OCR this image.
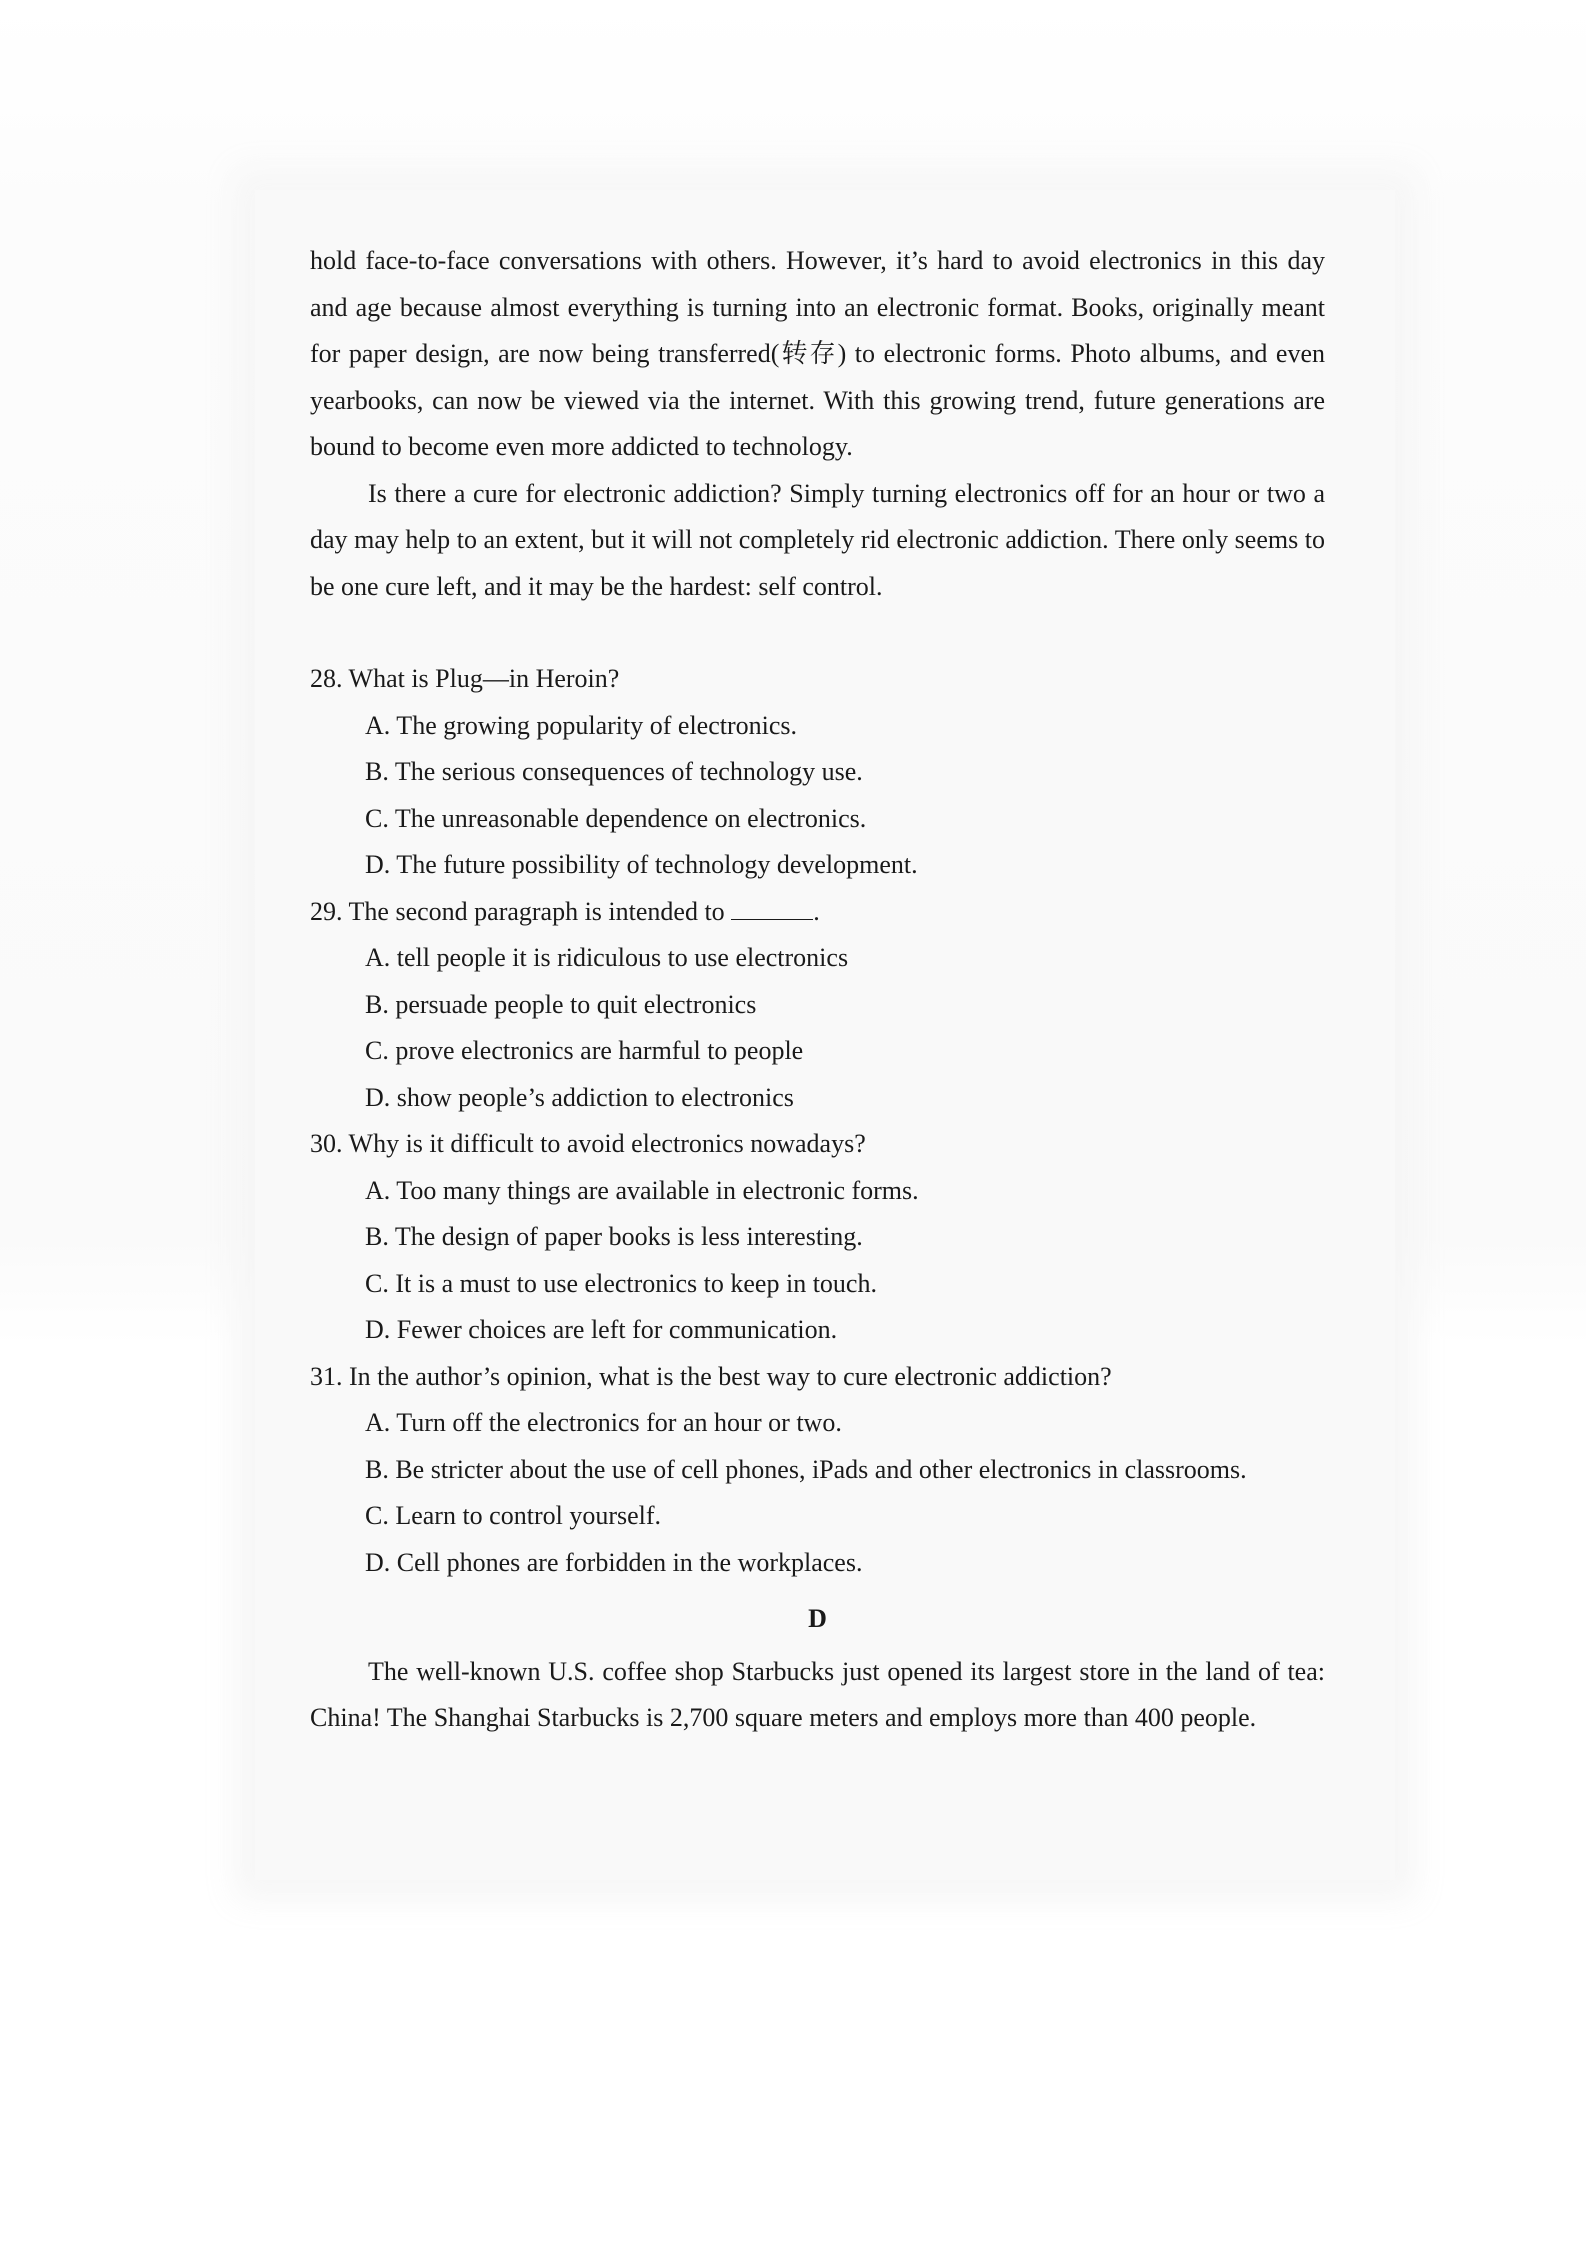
hold face-to-face conversations with others. However, it’s hard to avoid electronics in this day and age because almost everything is turning into an electronic format. Books, originally meant for paper design, are now being transferred(转存) to electronic forms. Photo albums, and even yearbooks, can now be viewed via the internet. With this growing trend, future generations are bound to become even more addicted to technology.

Is there a cure for electronic addiction? Simply turning electronics off for an hour or two a day may help to an extent, but it will not completely rid electronic addiction. There only seems to be one cure left, and it may be the hardest: self control.

28. What is Plug—in Heroin?

A. The growing popularity of electronics.

B. The serious consequences of technology use.

C. The unreasonable dependence on electronics.

D. The future possibility of technology development.

29. The second paragraph is intended to	.

A. tell people it is ridiculous to use electronics

B. persuade people to quit electronics

C. prove electronics are harmful to people

D. show people’s addiction to electronics

30. Why is it difficult to avoid electronics nowadays?

A. Too many things are available in electronic forms.

B. The design of paper books is less interesting.

C. It is a must to use electronics to keep in touch.

D. Fewer choices are left for communication.

31. In the author’s opinion, what is the best way to cure electronic addiction?

A. Turn off the electronics for an hour or two.

B. Be stricter about the use of cell phones, iPads and other electronics in classrooms.

C. Learn to control yourself.

D. Cell phones are forbidden in the workplaces.

D

The well-known U.S. coffee shop Starbucks just opened its largest store in the land of tea: China! The Shanghai Starbucks is 2,700 square meters and employs more than 400 people.
